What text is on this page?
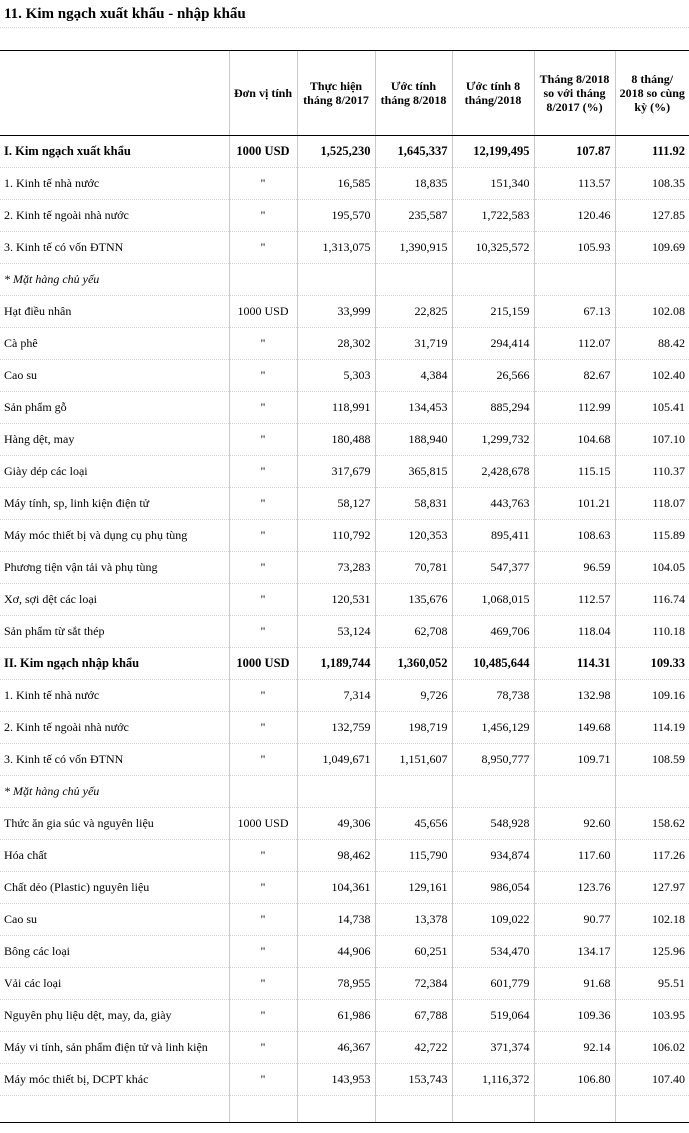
11. Kim ngạch xuất khẩu - nhập khẩu
	Đơn vị tính	Thực hiện tháng 8/2017	Ước tính tháng 8/2018	Ước tính 8 tháng/2018	Tháng 8/2018 so với tháng 8/2017 (%)	8 tháng/ 2018 so cùng kỳ (%)
I. Kim ngạch xuất khẩu	1000 USD	1,525,230	1,645,337	12,199,495	107.87	111.92
1. Kinh tế nhà nước	"	16,585	18,835	151,340	113.57	108.35
2. Kinh tế ngoài nhà nước	"	195,570	235,587	1,722,583	120.46	127.85
3. Kinh tế có vốn ĐTNN	"	1,313,075	1,390,915	10,325,572	105.93	109.69
* Mặt hàng chủ yếu						
Hạt điều nhân	1000 USD	33,999	22,825	215,159	67.13	102.08
Cà phê	"	28,302	31,719	294,414	112.07	88.42
Cao su	"	5,303	4,384	26,566	82.67	102.40
Sản phẩm gỗ	"	118,991	134,453	885,294	112.99	105.41
Hàng dệt, may	"	180,488	188,940	1,299,732	104.68	107.10
Giày dép các loại	"	317,679	365,815	2,428,678	115.15	110.37
Máy tính, sp, linh kiện điện tử	"	58,127	58,831	443,763	101.21	118.07
Máy móc thiết bị và dụng cụ phụ tùng	"	110,792	120,353	895,411	108.63	115.89
Phương tiện vận tải và phụ tùng	"	73,283	70,781	547,377	96.59	104.05
Xơ, sợi dệt các loại	"	120,531	135,676	1,068,015	112.57	116.74
Sản phẩm từ sắt thép	"	53,124	62,708	469,706	118.04	110.18
II. Kim ngạch nhập khẩu	1000 USD	1,189,744	1,360,052	10,485,644	114.31	109.33
1. Kinh tế nhà nước	"	7,314	9,726	78,738	132.98	109.16
2. Kinh tế ngoài nhà nước	"	132,759	198,719	1,456,129	149.68	114.19
3. Kinh tế có vốn ĐTNN	"	1,049,671	1,151,607	8,950,777	109.71	108.59
* Mặt hàng chủ yếu						
Thức ăn gia súc và nguyên liệu	1000 USD	49,306	45,656	548,928	92.60	158.62
Hóa chất	"	98,462	115,790	934,874	117.60	117.26
Chất dẻo (Plastic) nguyên liệu	"	104,361	129,161	986,054	123.76	127.97
Cao su	"	14,738	13,378	109,022	90.77	102.18
Bông các loại	"	44,906	60,251	534,470	134.17	125.96
Vải các loại	"	78,955	72,384	601,779	91.68	95.51
Nguyên phụ liệu dệt, may, da, giày	"	61,986	67,788	519,064	109.36	103.95
Máy vi tính, sản phẩm điện tử và linh kiện	"	46,367	42,722	371,374	92.14	106.02
Máy móc thiết bị, DCPT khác	"	143,953	153,743	1,116,372	106.80	107.40
